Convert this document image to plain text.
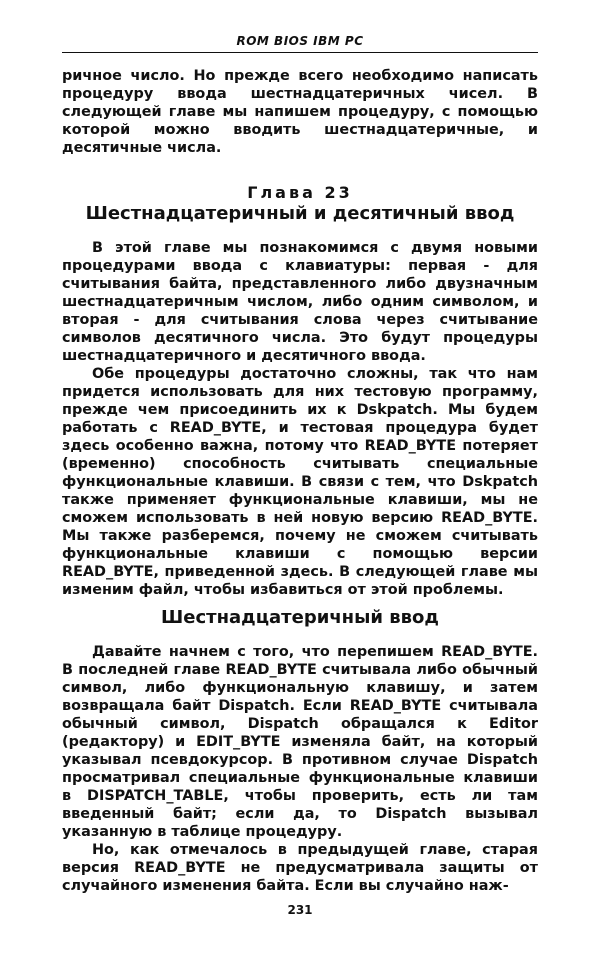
ROM BIOS IBM PC

ричное число. Но прежде всего необходимо написать процедуру ввода шестнадцатеричных чисел. В следующей главе мы напишем процедуру, с помощью которой можно вводить шестнадцатеричные, и десятичные числа.

Глава 23
Шестнадцатеричный и десятичный ввод

В этой главе мы познакомимся с двумя новыми процедурами ввода с клавиатуры: первая - для считывания байта, представленного либо двузначным шестнадцатеричным числом, либо одним символом, и вторая - для считывания слова через считывание символов десятичного числа. Это будут процедуры шестнадцатеричного и десятичного ввода.

Обе процедуры достаточно сложны, так что нам придется использовать для них тестовую программу, прежде чем присоединить их к Dskpatch. Мы будем работать с READ_BYTE, и тестовая процедура будет здесь особенно важна, потому что READ_BYTE потеряет (временно) способность считывать специальные функциональные клавиши. В связи с тем, что Dskpatch также применяет функциональные клавиши, мы не сможем использовать в ней новую версию READ_BYTE. Мы также разберемся, почему не сможем считывать функциональные клавиши с помощью версии READ_BYTE, приведенной здесь. В следующей главе мы изменим файл, чтобы избавиться от этой проблемы.

Шестнадцатеричный ввод

Давайте начнем с того, что перепишем READ_BYTE. В последней главе READ_BYTE считывала либо обычный символ, либо функциональную клавишу, и затем возвращала байт Dispatch. Если READ_BYTE считывала обычный символ, Dispatch обращался к Editor (редактору) и EDIT_BYTE изменяла байт, на который указывал псевдокурсор. В противном случае Dispatch просматривал специальные функциональные клавиши в DISPATCH_TABLE, чтобы проверить, есть ли там введенный байт; если да, то Dispatch вызывал указанную в таблице процедуру.

Но, как отмечалось в предыдущей главе, старая версия READ_BYTE не предусматривала защиты от случайного изменения байта. Если вы случайно наж-

231
